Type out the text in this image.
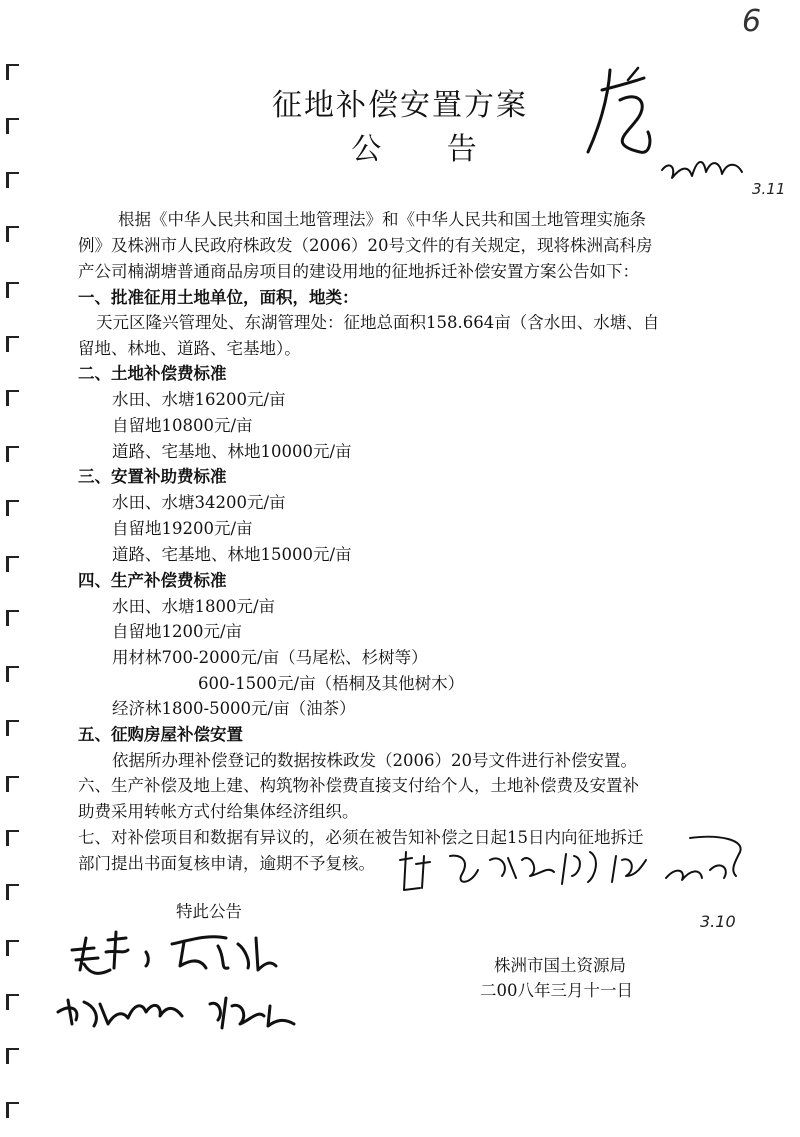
6
3.11
征地补偿安置方案
公 告
根据《中华人民共和国土地管理法》和《中华人民共和国土地管理实施条
例》及株洲市人民政府株政发（2006）20号文件的有关规定，现将株洲高科房
产公司楠湖塘普通商品房项目的建设用地的征地拆迁补偿安置方案公告如下：
一、批准征用土地单位，面积，地类：
天元区隆兴管理处、东湖管理处：征地总面积158.664亩（含水田、水塘、自
留地、林地、道路、宅基地）。
二、土地补偿费标准
水田、水塘16200元/亩
自留地10800元/亩
道路、宅基地、林地10000元/亩
三、安置补助费标准
水田、水塘34200元/亩
自留地19200元/亩
道路、宅基地、林地15000元/亩
四、生产补偿费标准
水田、水塘1800元/亩
自留地1200元/亩
用材林700-2000元/亩（马尾松、杉树等）
600-1500元/亩（梧桐及其他树木）
经济林1800-5000元/亩（油茶）
五、征购房屋补偿安置
依据所办理补偿登记的数据按株政发（2006）20号文件进行补偿安置。
六、生产补偿及地上建、构筑物补偿费直接支付给个人，土地补偿费及安置补
助费采用转帐方式付给集体经济组织。
七、对补偿项目和数据有异议的，必须在被告知补偿之日起15日内向征地拆迁
部门提出书面复核申请，逾期不予复核。
3.10
特此公告
株洲市国土资源局
二00八年三月十一日
